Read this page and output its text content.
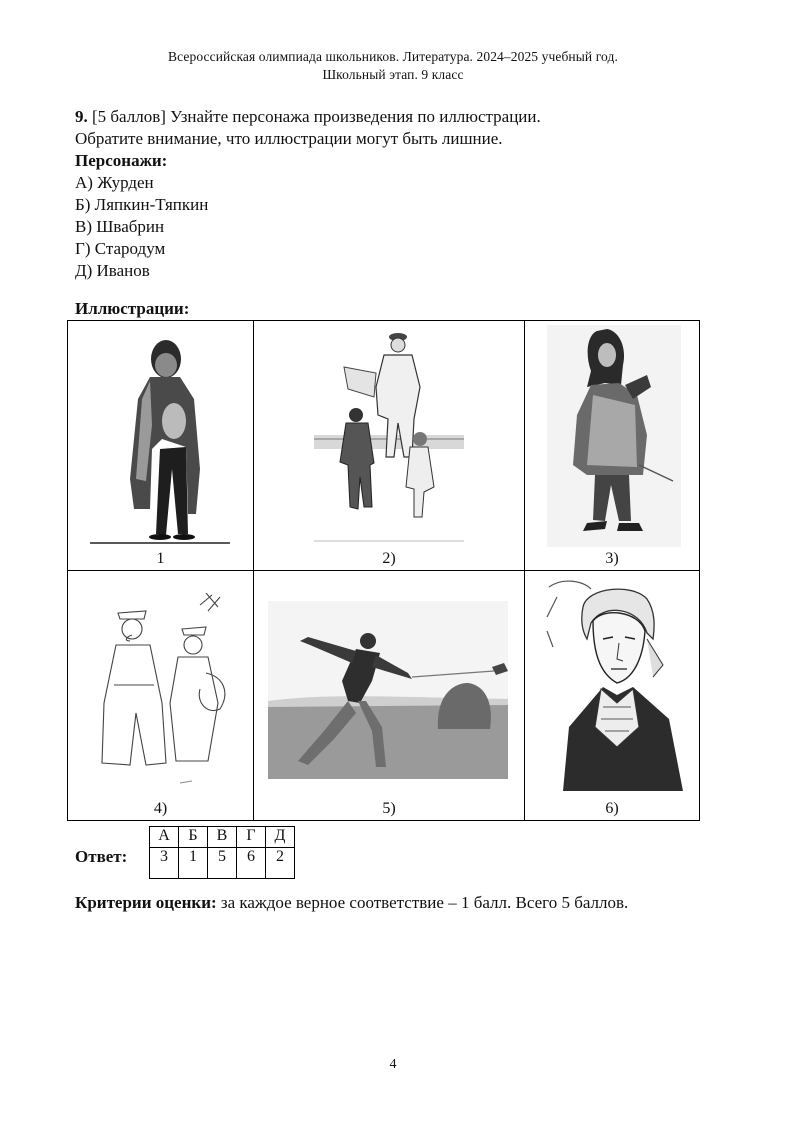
Всероссийская олимпиада школьников. Литература. 2024–2025 учебный год.
Школьный этап. 9 класс

9. [5 баллов] Узнайте персонажа произведения по иллюстрации.

Обратите внимание, что иллюстрации могут быть лишние.

Персонажи:

А) Журден

Б) Ляпкин-Тяпкин

В) Швабрин

Г) Стародум

Д) Иванов

Иллюстрации:
1	2)	3)

4)	5)	6)
Ответ:
А	Б	В	Г	Д
3	1	5	6	2
Критерии оценки: за каждое верное соответствие – 1 балл. Всего 5 баллов.
4
